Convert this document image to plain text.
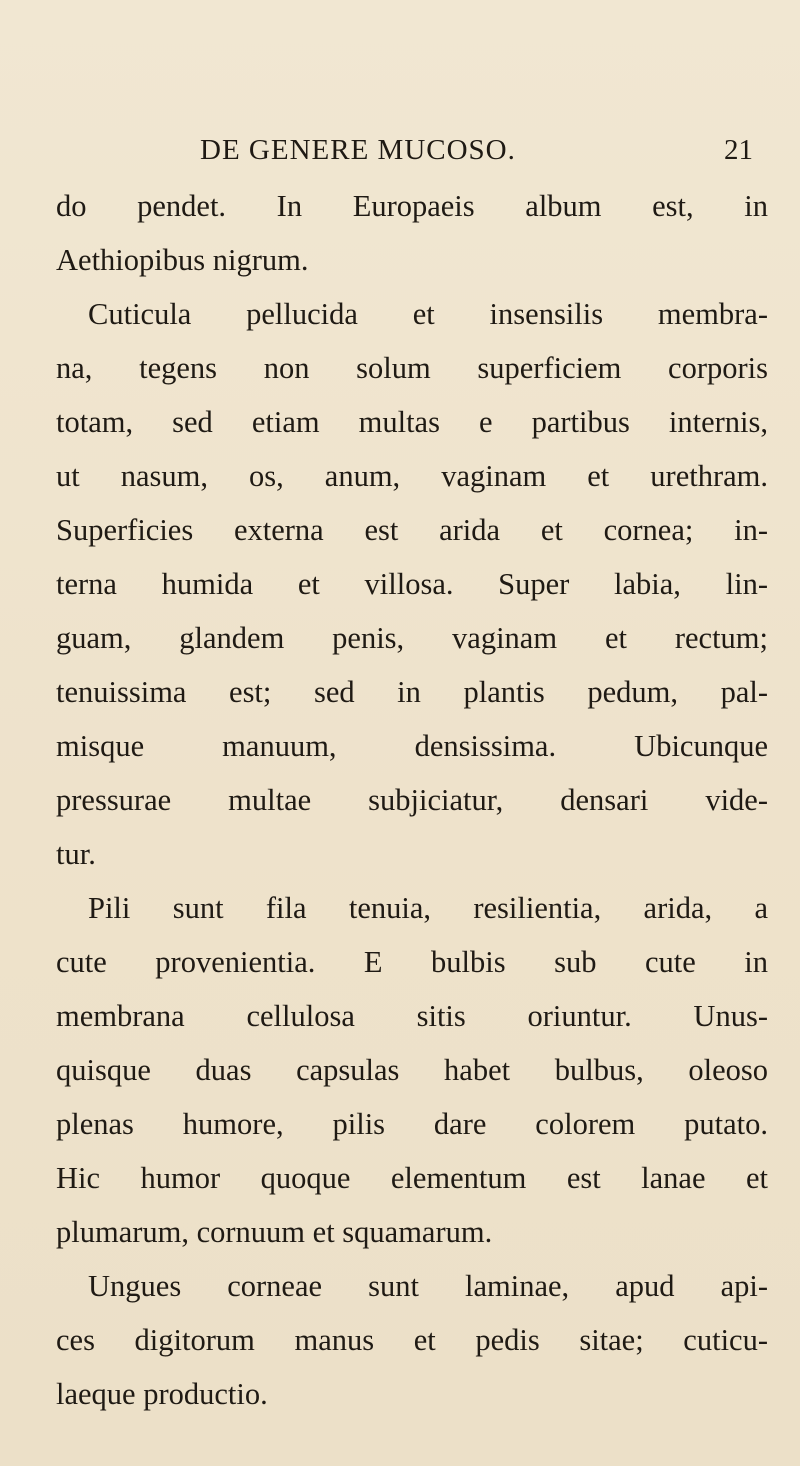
DE GENERE MUCOSO.	21
do pendet. In Europaeis album est, in
Aethiopibus nigrum.
Cuticula pellucida et insensilis membra-
na, tegens non solum superficiem corporis
totam, sed etiam multas e partibus internis,
ut nasum, os, anum, vaginam et urethram.
Superficies externa est arida et cornea; in-
terna humida et villosa. Super labia, lin-
guam, glandem penis, vaginam et rectum;
tenuissima est; sed in plantis pedum, pal-
misque manuum, densissima. Ubicunque
pressurae multae subjiciatur, densari vide-
tur.
Pili sunt fila tenuia, resilientia, arida, a
cute provenientia. E bulbis sub cute in
membrana cellulosa sitis oriuntur. Unus-
quisque duas capsulas habet bulbus, oleoso
plenas humore, pilis dare colorem putato.
Hic humor quoque elementum est lanae et
plumarum, cornuum et squamarum.
Ungues corneae sunt laminae, apud api-
ces digitorum manus et pedis sitae; cuticu-
laeque productio.
